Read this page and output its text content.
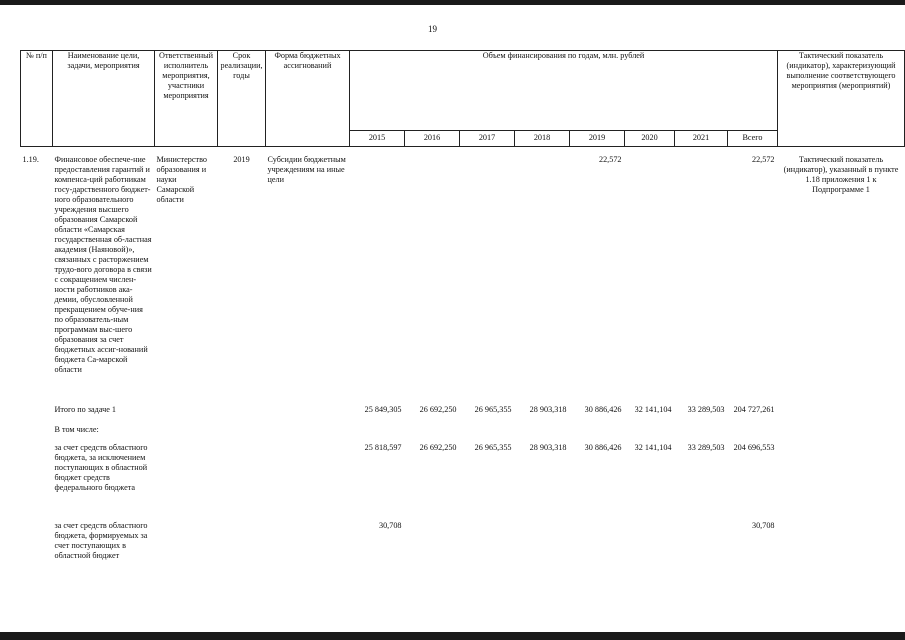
19
№ п/п	Наименование цели, задачи, мероприятия	Ответственный исполнитель мероприятия, участники мероприятия	Срок реализации, годы	Форма бюджетных ассигнований	Объем финансирования по годам, млн. рублей								Тактический показатель (индикатор), характеризующий выполнение соответствующего мероприятия (мероприятий)
					2015	2016	2017	2018	2019	2020	2021	Всего	
1.19.	Финансовое обеспече-ние предоставления гарантий и компенса-ций работникам госу-дарственного бюджет-ного образовательного учреждения высшего образования Самарской области «Самарская государственная об-ластная академия (Наяновой)», связанных с расторжением трудо-вого договора в связи с сокращением числен-ности работников ака-демии, обусловленной прекращением обуче-ния по образователь-ным программам выс-шего образования за счет бюджетных ассиг-нований бюджета Са-марской области	Министерство образования и науки Самарской области	2019	Субсидии бюджетным учреждениям на иные цели					22,572			22,572	Тактический показатель (индикатор), указанный в пункте 1.18 приложения 1 к Подпрограмме 1
	Итого по задаче 1				25 849,305	26 692,250	26 965,355	28 903,318	30 886,426	32 141,104	33 289,503	204 727,261	
	В том числе:												
	за счет средств областного бюджета, за исключением поступающих в областной бюджет средств федерального бюджета				25 818,597	26 692,250	26 965,355	28 903,318	30 886,426	32 141,104	33 289,503	204 696,553	
	за счет средств областного бюджета, формируемых за счет поступающих в областной бюджет				30,708							30,708	
